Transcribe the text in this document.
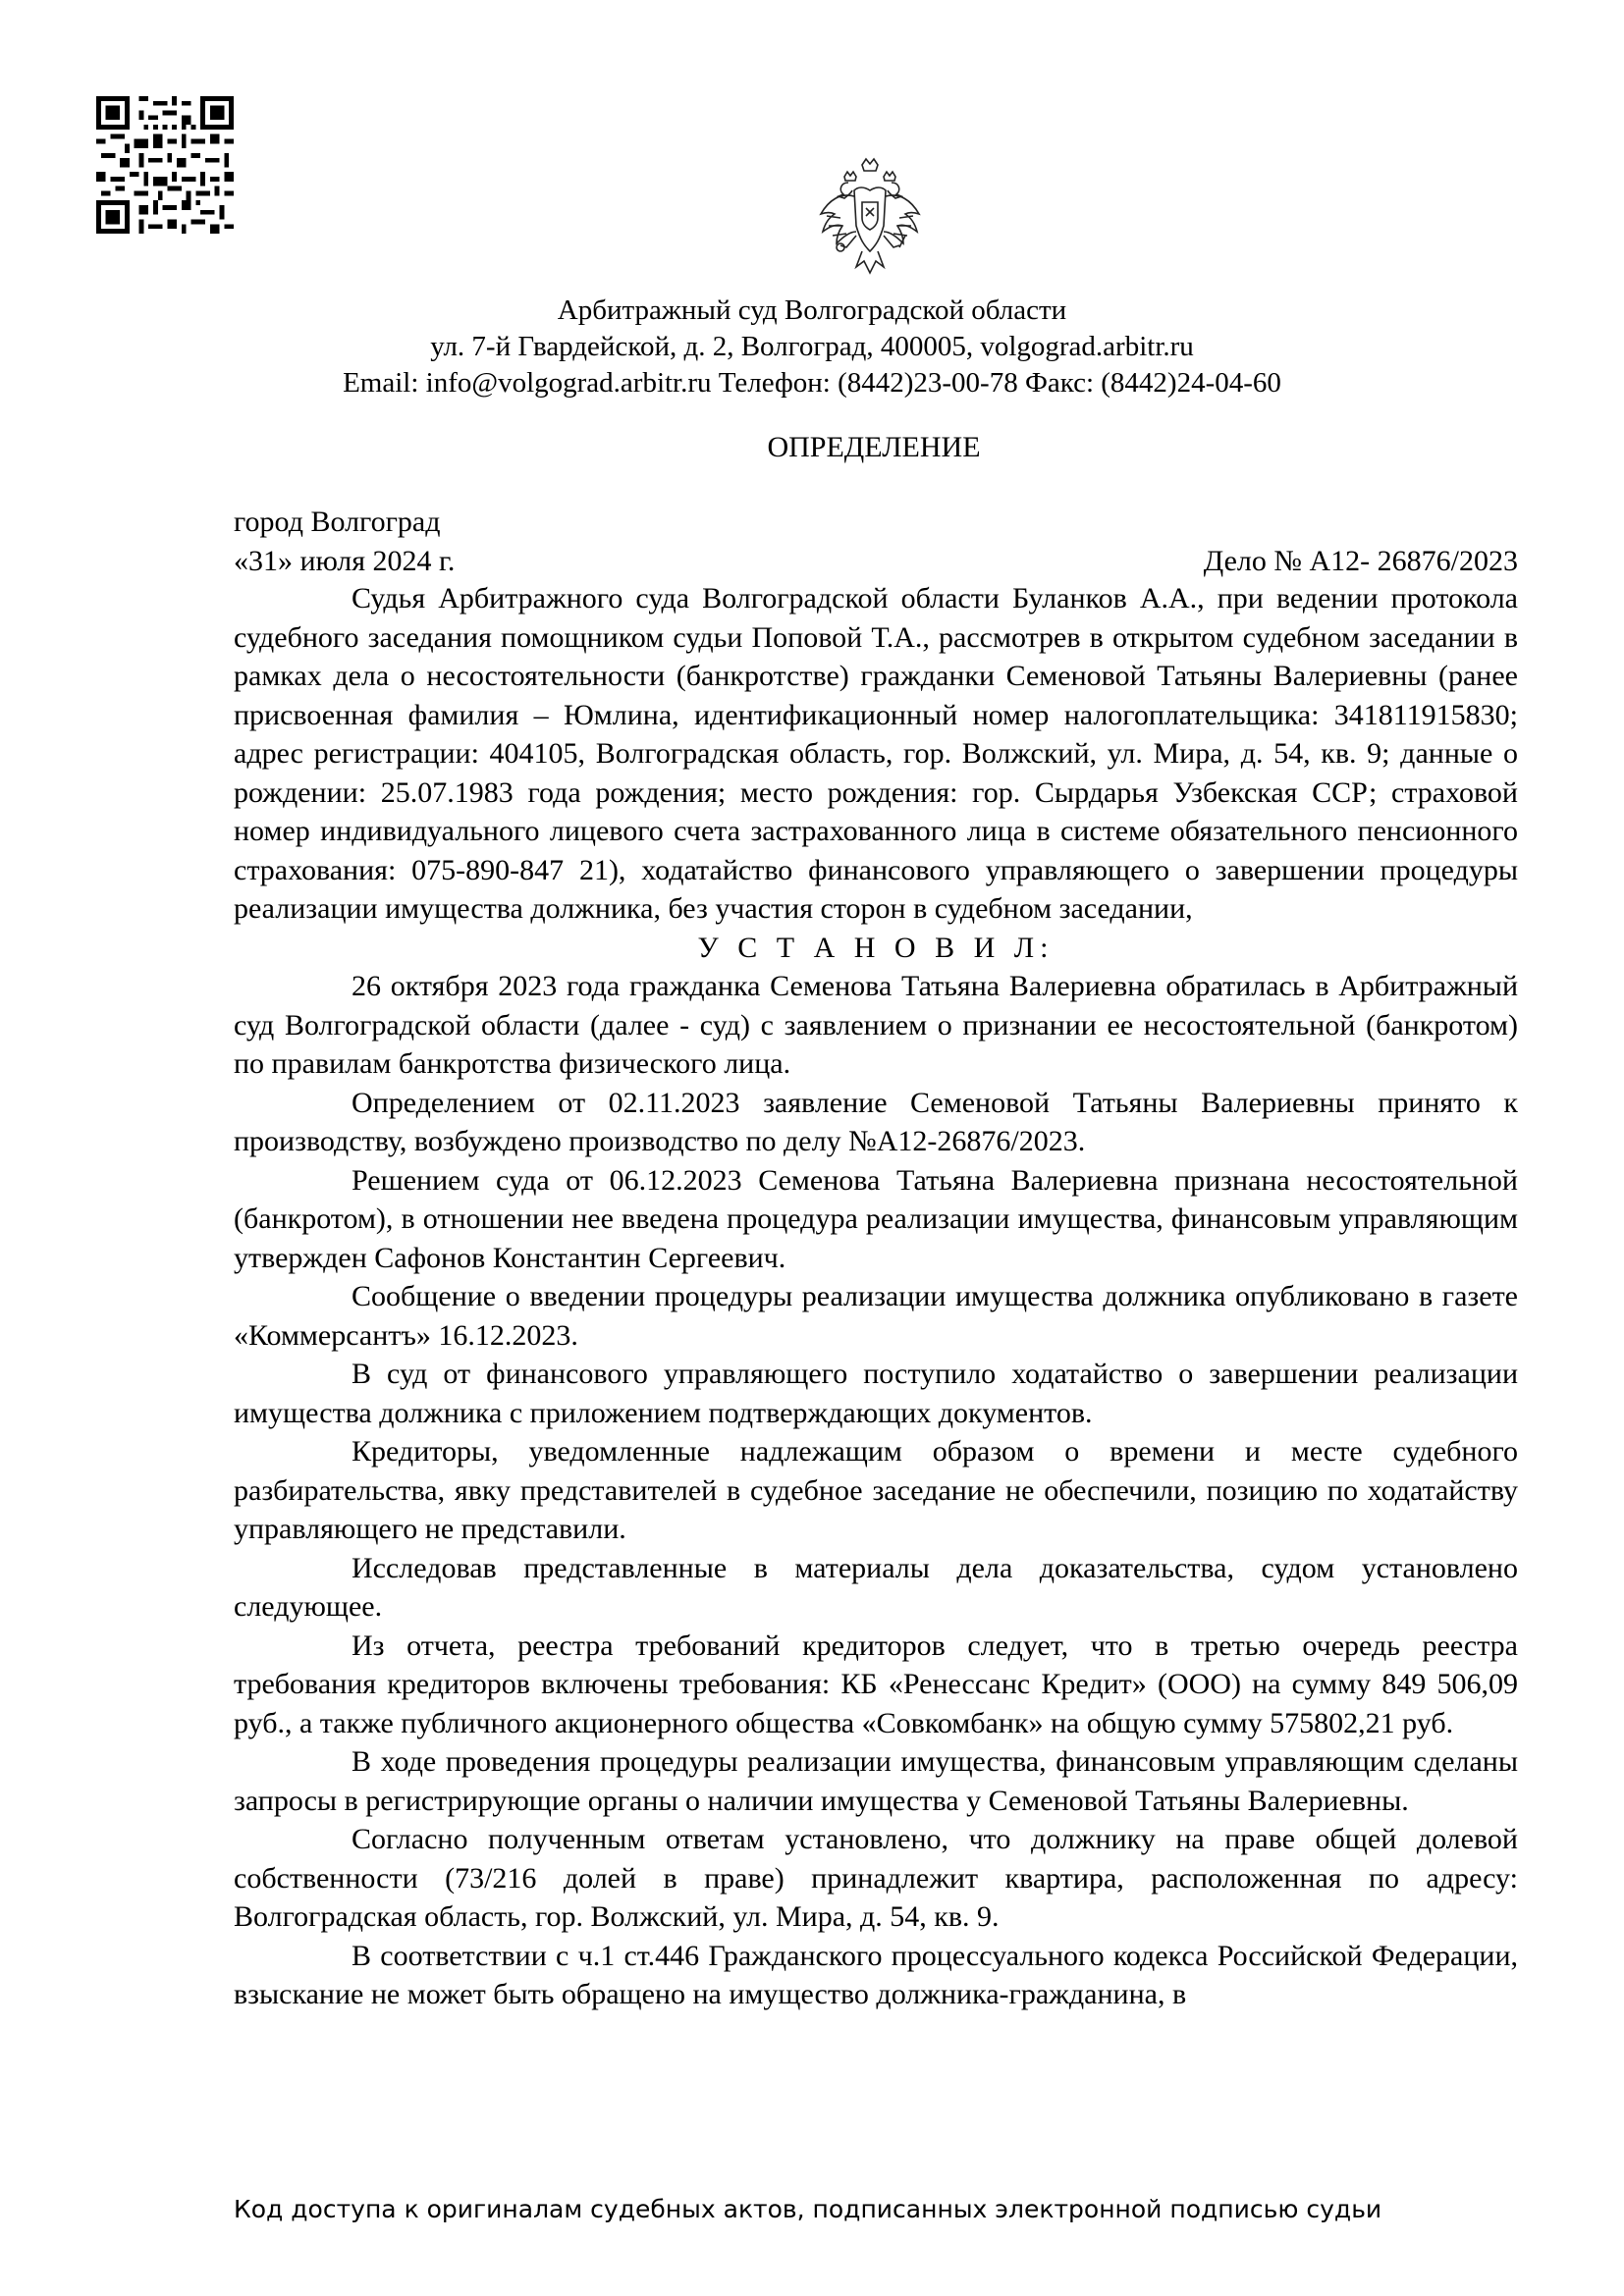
Арбитражный суд Волгоградской области
ул. 7-й Гвардейской, д. 2, Волгоград, 400005, volgograd.arbitr.ru
Email: info@volgograd.arbitr.ru Телефон: (8442)23-00-78 Факс: (8442)24-04-60
ОПРЕДЕЛЕНИЕ
город Волгоград
«31» июля 2024 г.	Дело № А12- 26876/2023

Судья Арбитражного суда Волгоградской области Буланков А.А., при ведении протокола судебного заседания помощником судьи Поповой Т.А., рассмотрев в открытом судебном заседании в рамках дела о несостоятельности (банкротстве) гражданки Семеновой Татьяны Валериевны (ранее присвоенная фамилия – Юмлина, идентификационный номер налогоплательщика: 341811915830; адрес регистрации: 404105, Волгоградская область, гор. Волжский, ул. Мира, д. 54, кв. 9; данные о рождении: 25.07.1983 года рождения; место рождения: гор. Сырдарья Узбекская ССР; страховой номер индивидуального лицевого счета застрахованного лица в системе обязательного пенсионного страхования: 075-890-847 21), ходатайство финансового управляющего о завершении процедуры реализации имущества должника, без участия сторон в судебном заседании,

У С Т А Н О В И Л:

26 октября 2023 года гражданка Семенова Татьяна Валериевна обратилась в Арбитражный суд Волгоградской области (далее - суд) с заявлением о признании ее несостоятельной (банкротом) по правилам банкротства физического лица.

Определением от 02.11.2023 заявление Семеновой Татьяны Валериевны принято к производству, возбуждено производство по делу №А12-26876/2023.

Решением суда от 06.12.2023 Семенова Татьяна Валериевна признана несостоятельной (банкротом), в отношении нее введена процедура реализации имущества, финансовым управляющим утвержден Сафонов Константин Сергеевич.

Сообщение о введении процедуры реализации имущества должника опубликовано в газете «Коммерсантъ» 16.12.2023.

В суд от финансового управляющего поступило ходатайство о завершении реализации имущества должника с приложением подтверждающих документов.

Кредиторы, уведомленные надлежащим образом о времени и месте судебного разбирательства, явку представителей в судебное заседание не обеспечили, позицию по ходатайству управляющего не представили.

Исследовав представленные в материалы дела доказательства, судом установлено следующее.

Из отчета, реестра требований кредиторов следует, что в третью очередь реестра требования кредиторов включены требования: КБ «Ренессанс Кредит» (ООО) на сумму 849 506,09 руб., а также публичного акционерного общества «Совкомбанк» на общую сумму 575802,21 руб.

В ходе проведения процедуры реализации имущества, финансовым управляющим сделаны запросы в регистрирующие органы о наличии имущества у Семеновой Татьяны Валериевны.

Согласно полученным ответам установлено, что должнику на праве общей долевой собственности (73/216 долей в праве) принадлежит квартира, расположенная по адресу: Волгоградская область, гор. Волжский, ул. Мира, д. 54, кв. 9.

В соответствии с ч.1 ст.446 Гражданского процессуального кодекса Российской Федерации, взыскание не может быть обращено на имущество должника-гражданина, в

Код доступа к оригиналам судебных актов, подписанных электронной подписью судьи
